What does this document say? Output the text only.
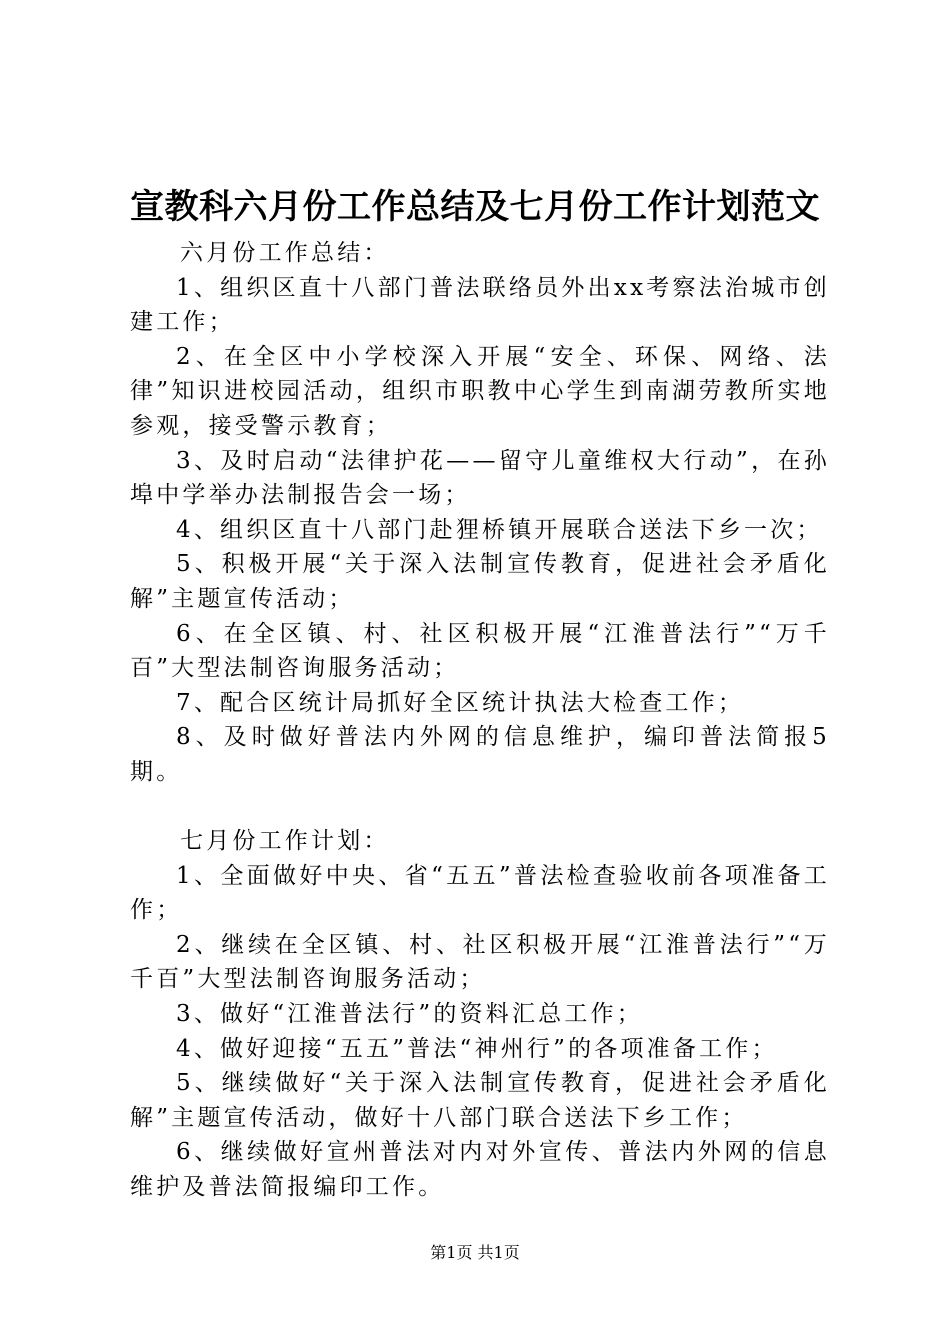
宣教科六月份工作总结及七月份工作计划范文

六月份工作总结：

1、组织区直十八部门普法联络员外出xx考察法治城市创建工作；

2、在全区中小学校深入开展“安全、环保、网络、法律”知识进校园活动，组织市职教中心学生到南湖劳教所实地参观，接受警示教育；

3、及时启动“法律护花——留守儿童维权大行动”，在孙埠中学举办法制报告会一场；

4、组织区直十八部门赴狸桥镇开展联合送法下乡一次；

5、积极开展“关于深入法制宣传教育，促进社会矛盾化解”主题宣传活动；

6、在全区镇、村、社区积极开展“江淮普法行”“万千百”大型法制咨询服务活动；

7、配合区统计局抓好全区统计执法大检查工作；

8、及时做好普法内外网的信息维护，编印普法简报5期。

七月份工作计划：

1、全面做好中央、省“五五”普法检查验收前各项准备工作；

2、继续在全区镇、村、社区积极开展“江淮普法行”“万千百”大型法制咨询服务活动；

3、做好“江淮普法行”的资料汇总工作；

4、做好迎接“五五”普法“神州行”的各项准备工作；

5、继续做好“关于深入法制宣传教育，促进社会矛盾化解”主题宣传活动，做好十八部门联合送法下乡工作；

6、继续做好宣州普法对内对外宣传、普法内外网的信息维护及普法简报编印工作。

第1页 共1页
